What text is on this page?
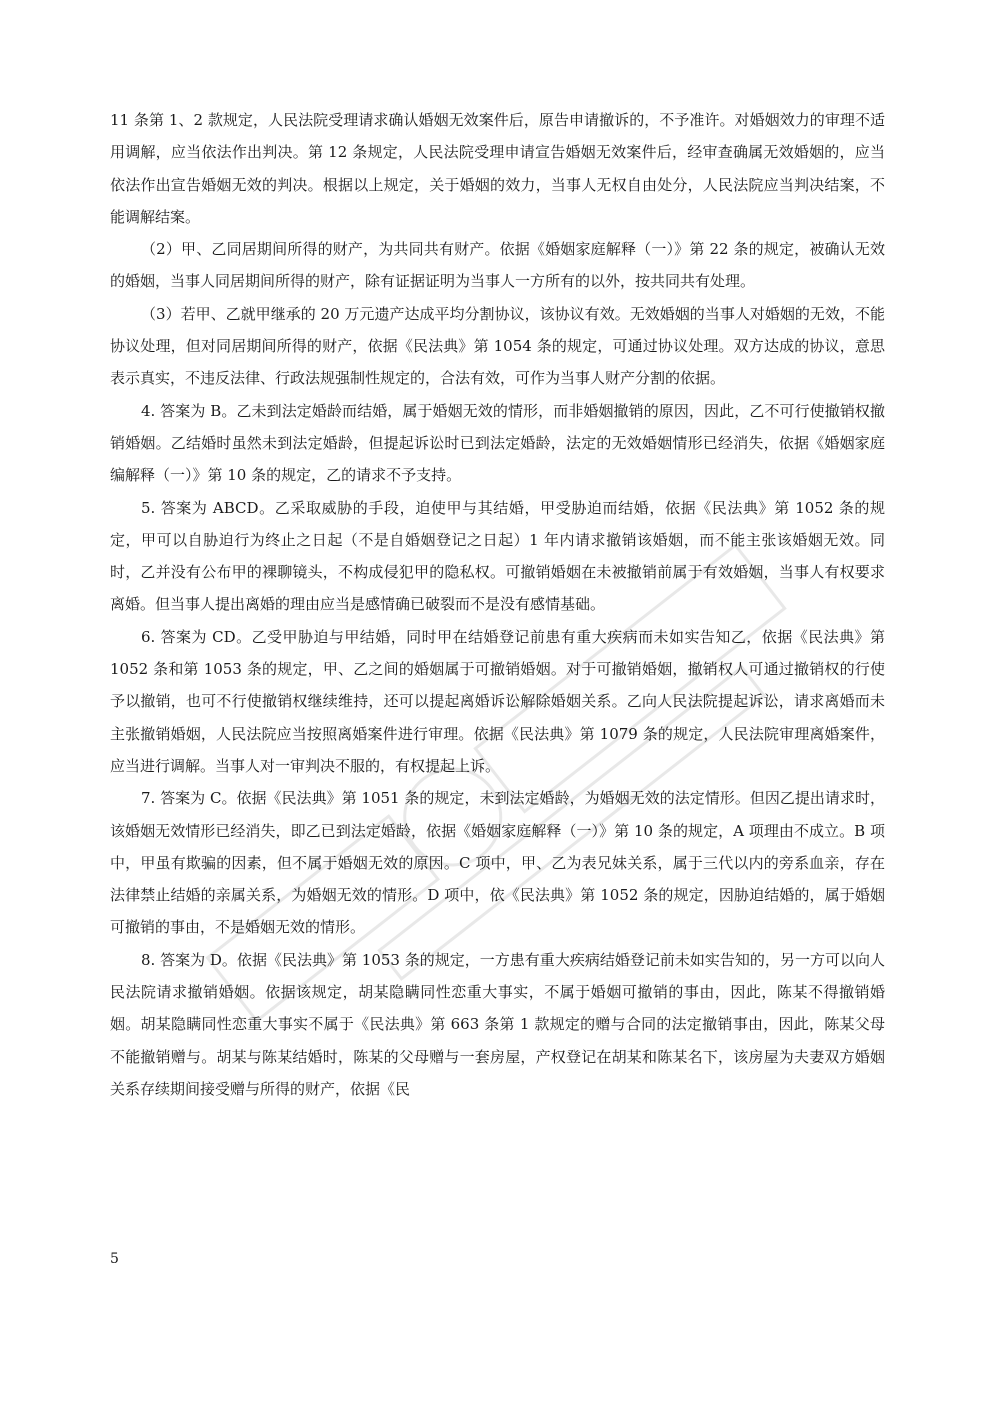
11 条第 1、2 款规定，人民法院受理请求确认婚姻无效案件后，原告申请撤诉的，不予准许。对婚姻效力的审理不适用调解，应当依法作出判决。第 12 条规定，人民法院受理申请宣告婚姻无效案件后，经审查确属无效婚姻的，应当依法作出宣告婚姻无效的判决。根据以上规定，关于婚姻的效力，当事人无权自由处分，人民法院应当判决结案，不能调解结案。

（2）甲、乙同居期间所得的财产，为共同共有财产。依据《婚姻家庭解释（一）》第 22 条的规定，被确认无效的婚姻，当事人同居期间所得的财产，除有证据证明为当事人一方所有的以外，按共同共有处理。

（3）若甲、乙就甲继承的 20 万元遗产达成平均分割协议，该协议有效。无效婚姻的当事人对婚姻的无效，不能协议处理，但对同居期间所得的财产，依据《民法典》第 1054 条的规定，可通过协议处理。双方达成的协议，意思表示真实，不违反法律、行政法规强制性规定的，合法有效，可作为当事人财产分割的依据。

4. 答案为 B。乙未到法定婚龄而结婚，属于婚姻无效的情形，而非婚姻撤销的原因，因此，乙不可行使撤销权撤销婚姻。乙结婚时虽然未到法定婚龄，但提起诉讼时已到法定婚龄，法定的无效婚姻情形已经消失，依据《婚姻家庭编解释（一）》第 10 条的规定，乙的请求不予支持。

5. 答案为 ABCD。乙采取威胁的手段，迫使甲与其结婚，甲受胁迫而结婚，依据《民法典》第 1052 条的规定，甲可以自胁迫行为终止之日起（不是自婚姻登记之日起）1 年内请求撤销该婚姻，而不能主张该婚姻无效。同时，乙并没有公布甲的裸聊镜头，不构成侵犯甲的隐私权。可撤销婚姻在未被撤销前属于有效婚姻，当事人有权要求离婚。但当事人提出离婚的理由应当是感情确已破裂而不是没有感情基础。

6. 答案为 CD。乙受甲胁迫与甲结婚，同时甲在结婚登记前患有重大疾病而未如实告知乙，依据《民法典》第 1052 条和第 1053 条的规定，甲、乙之间的婚姻属于可撤销婚姻。对于可撤销婚姻，撤销权人可通过撤销权的行使予以撤销，也可不行使撤销权继续维持，还可以提起离婚诉讼解除婚姻关系。乙向人民法院提起诉讼，请求离婚而未主张撤销婚姻，人民法院应当按照离婚案件进行审理。依据《民法典》第 1079 条的规定，人民法院审理离婚案件，应当进行调解。当事人对一审判决不服的，有权提起上诉。

7. 答案为 C。依据《民法典》第 1051 条的规定，未到法定婚龄，为婚姻无效的法定情形。但因乙提出请求时，该婚姻无效情形已经消失，即乙已到法定婚龄，依据《婚姻家庭解释（一）》第 10 条的规定，A 项理由不成立。B 项中，甲虽有欺骗的因素，但不属于婚姻无效的原因。C 项中，甲、乙为表兄妹关系，属于三代以内的旁系血亲，存在法律禁止结婚的亲属关系，为婚姻无效的情形。D 项中，依《民法典》第 1052 条的规定，因胁迫结婚的，属于婚姻可撤销的事由，不是婚姻无效的情形。

8. 答案为 D。依据《民法典》第 1053 条的规定，一方患有重大疾病结婚登记前未如实告知的，另一方可以向人民法院请求撤销婚姻。依据该规定，胡某隐瞒同性恋重大事实，不属于婚姻可撤销的事由，因此，陈某不得撤销婚姻。胡某隐瞒同性恋重大事实不属于《民法典》第 663 条第 1 款规定的赠与合同的法定撤销事由，因此，陈某父母不能撤销赠与。胡某与陈某结婚时，陈某的父母赠与一套房屋，产权登记在胡某和陈某名下，该房屋为夫妻双方婚姻关系存续期间接受赠与所得的财产，依据《民

5
